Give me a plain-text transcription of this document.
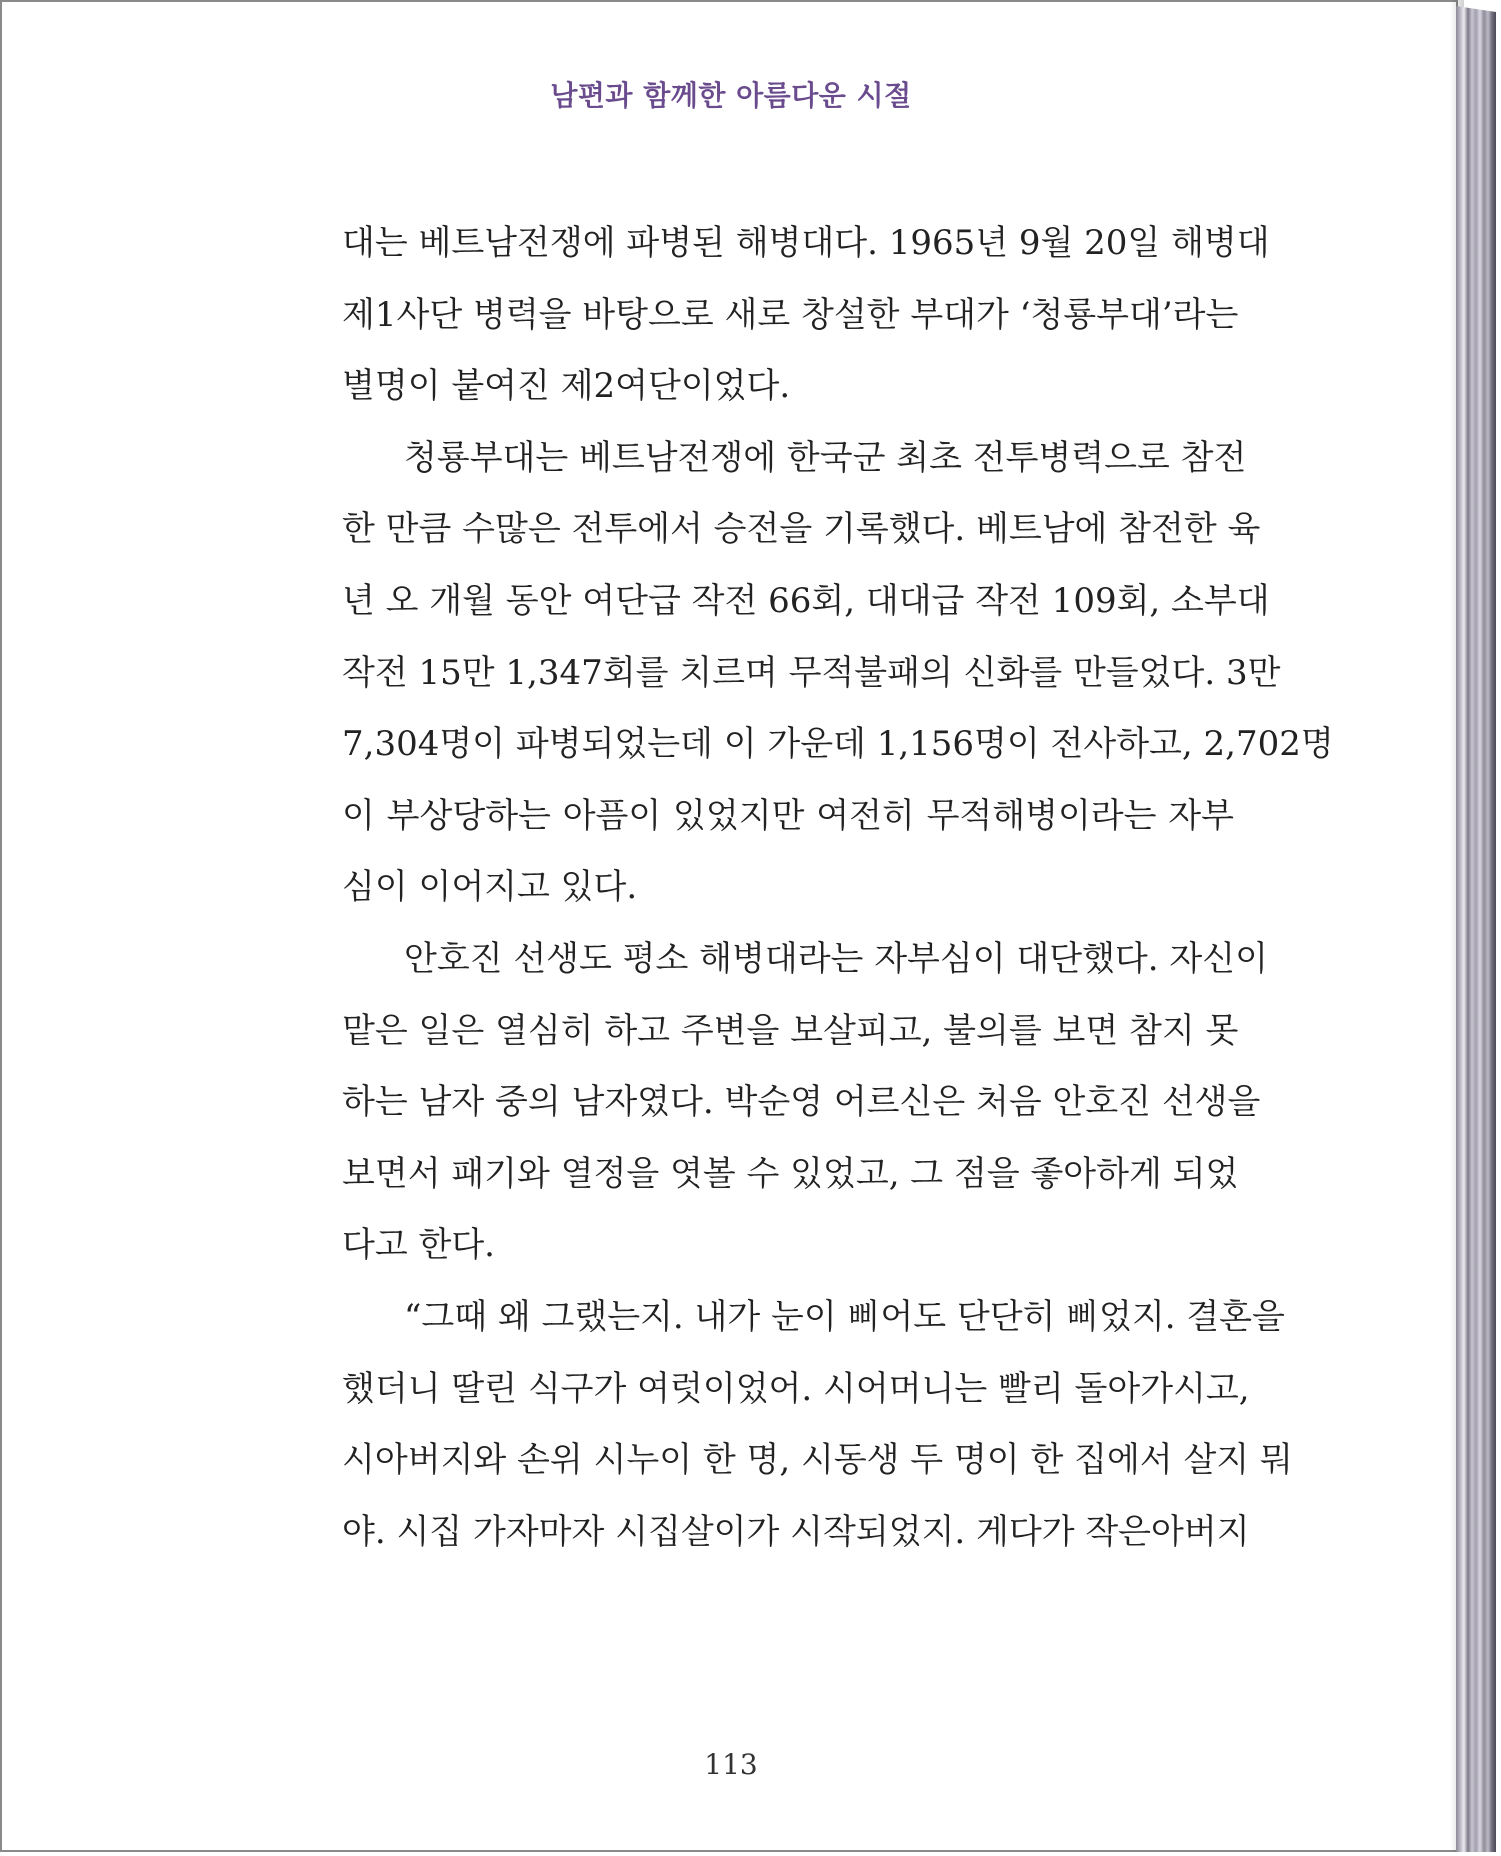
남편과 함께한 아름다운 시절
대는 베트남전쟁에 파병된 해병대다. 1965년 9월 20일 해병대
제1사단 병력을 바탕으로 새로 창설한 부대가 ‘청룡부대’라는
별명이 붙여진 제2여단이었다.
청룡부대는 베트남전쟁에 한국군 최초 전투병력으로 참전
한 만큼 수많은 전투에서 승전을 기록했다. 베트남에 참전한 육
년 오 개월 동안 여단급 작전 66회, 대대급 작전 109회, 소부대
작전 15만 1,347회를 치르며 무적불패의 신화를 만들었다. 3만
7,304명이 파병되었는데 이 가운데 1,156명이 전사하고, 2,702명
이 부상당하는 아픔이 있었지만 여전히 무적해병이라는 자부
심이 이어지고 있다.
안호진 선생도 평소 해병대라는 자부심이 대단했다. 자신이
맡은 일은 열심히 하고 주변을 보살피고, 불의를 보면 참지 못
하는 남자 중의 남자였다. 박순영 어르신은 처음 안호진 선생을
보면서 패기와 열정을 엿볼 수 있었고, 그 점을 좋아하게 되었
다고 한다.
“그때 왜 그랬는지. 내가 눈이 삐어도 단단히 삐었지. 결혼을
했더니 딸린 식구가 여럿이었어. 시어머니는 빨리 돌아가시고,
시아버지와 손위 시누이 한 명, 시동생 두 명이 한 집에서 살지 뭐
야. 시집 가자마자 시집살이가 시작되었지. 게다가 작은아버지
113
